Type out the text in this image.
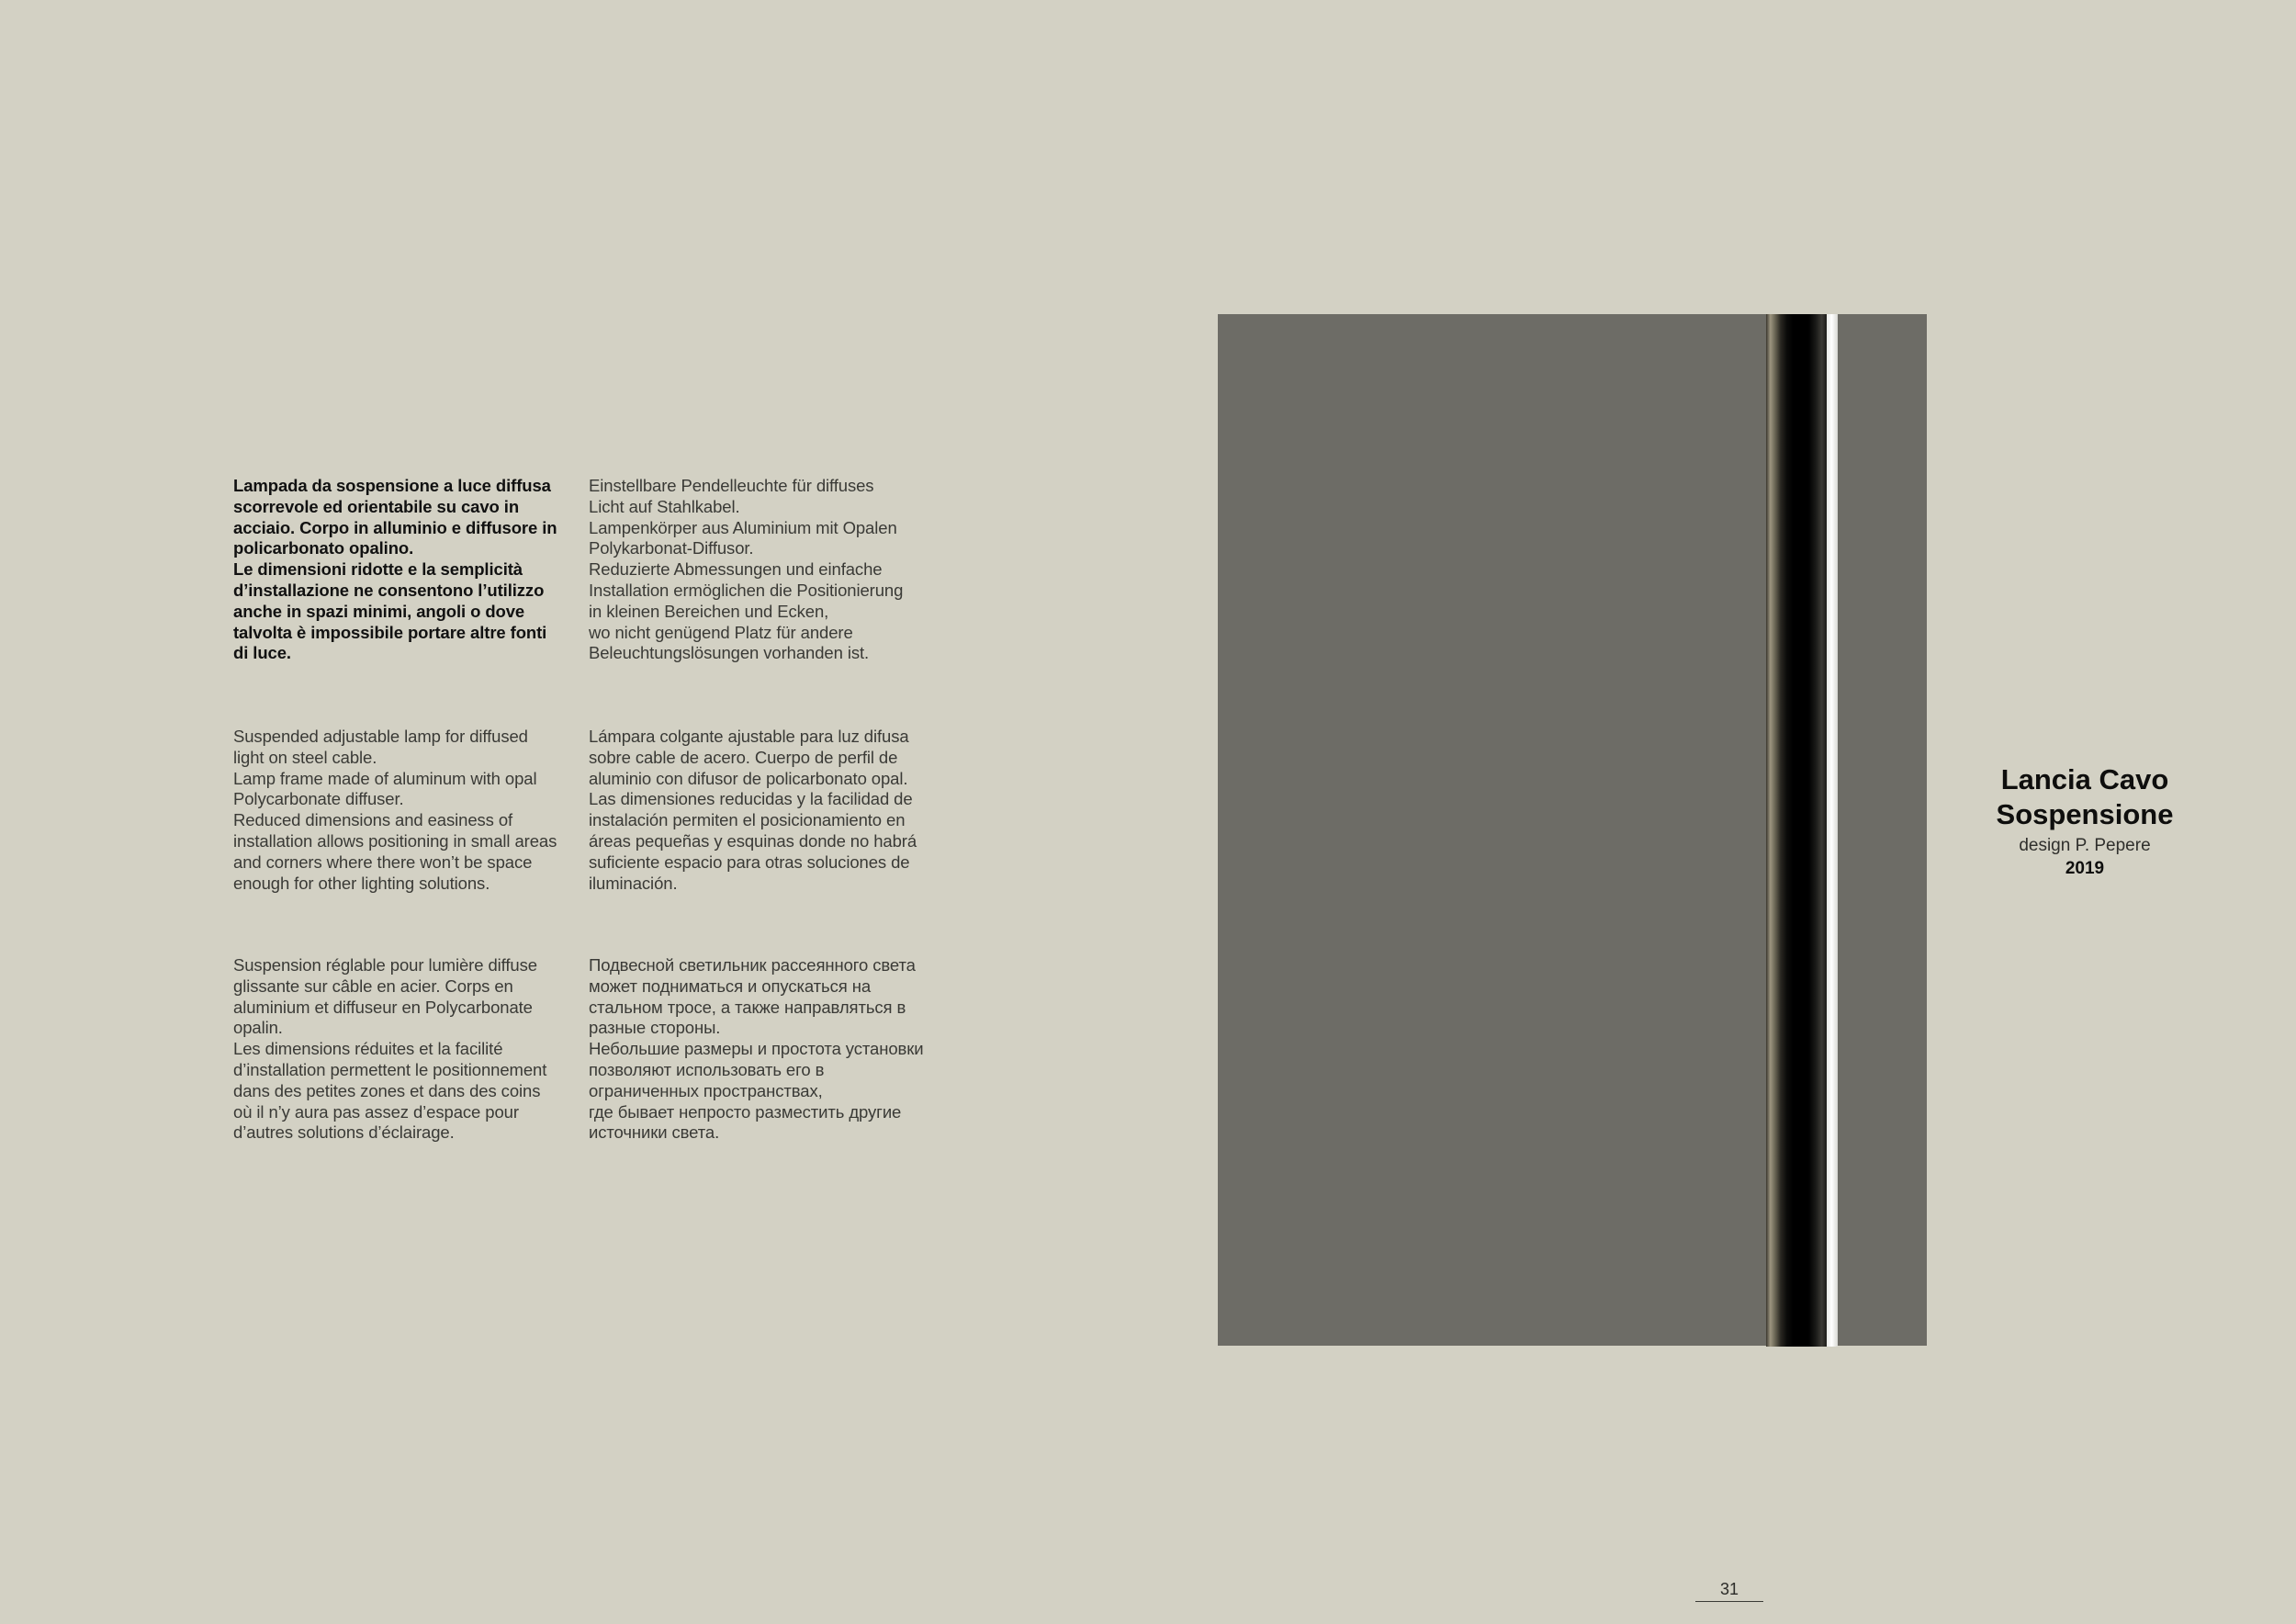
Lampada da sospensione a luce diffusa
scorrevole ed orientabile su cavo in
acciaio. Corpo in alluminio e diffusore in
policarbonato opalino.
Le dimensioni ridotte e la semplicità
d’installazione ne consentono l’utilizzo
anche in spazi minimi, angoli o dove
talvolta è impossibile portare altre fonti
di luce.
Einstellbare Pendelleuchte für diffuses
Licht auf Stahlkabel.
Lampenkörper aus Aluminium mit Opalen
Polykarbonat-Diffusor.
Reduzierte Abmessungen und einfache
Installation ermöglichen die Positionierung
in kleinen Bereichen und Ecken,
wo nicht genügend Platz für andere
Beleuchtungslösungen vorhanden ist.
Suspended adjustable lamp for diffused
light on steel cable.
Lamp frame made of aluminum with opal
Polycarbonate diffuser.
Reduced dimensions and easiness of
installation allows positioning in small areas
and corners where there won’t be space
enough for other lighting solutions.
Lámpara colgante ajustable para luz difusa
sobre cable de acero. Cuerpo de perfil de
aluminio con difusor de policarbonato opal.
Las dimensiones reducidas y la facilidad de
instalación permiten el posicionamiento en
áreas pequeñas y esquinas donde no habrá
suficiente espacio para otras soluciones de
iluminación.
Suspension réglable pour lumière diffuse
glissante sur câble en acier. Corps en
aluminium et diffuseur en Polycarbonate
opalin.
Les dimensions réduites et la facilité
d’installation permettent le positionnement
dans des petites zones et dans des coins
où il n’y aura pas assez d’espace pour
d’autres solutions d’éclairage.
Подвесной светильник рассеянного света
может подниматься и опускаться на
стальном тросе, а также направляться в
разные стороны.
Небольшие размеры и простота установки
позволяют использовать его в
ограниченных пространствах,
где бывает непросто разместить другие
источники света.
Lancia Cavo
Sospensione
design P. Pepere
2019
31
